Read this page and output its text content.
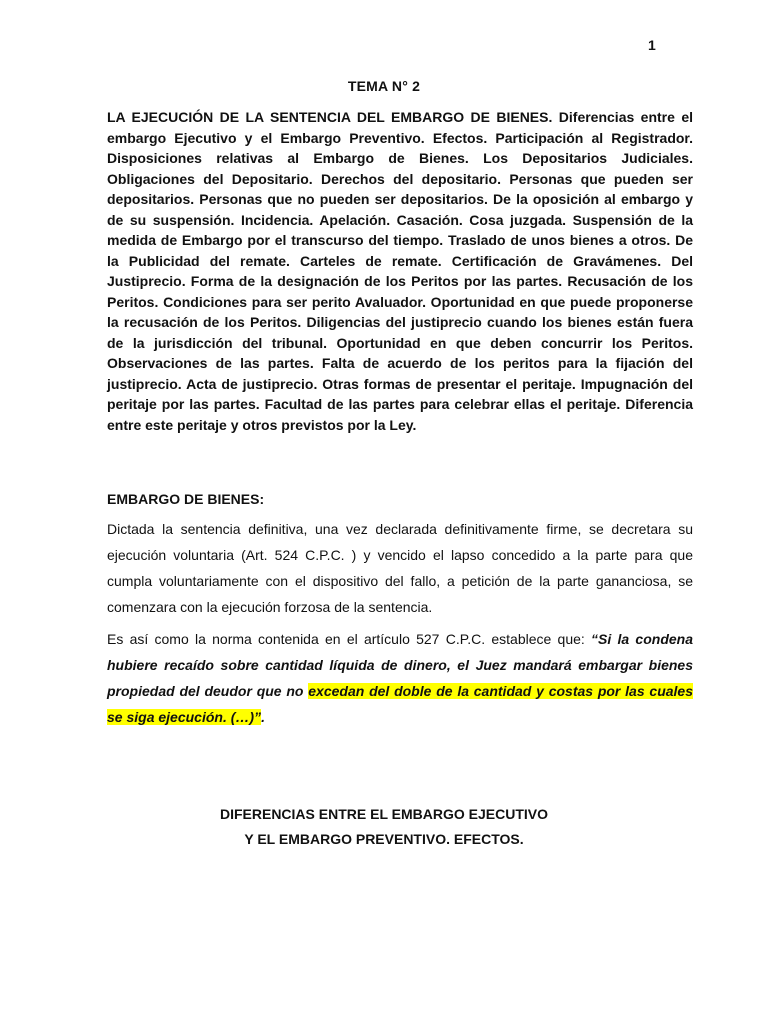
1
TEMA N° 2

LA EJECUCIÓN DE LA SENTENCIA DEL EMBARGO DE BIENES. Diferencias entre el embargo Ejecutivo y el Embargo Preventivo. Efectos. Participación al Registrador. Disposiciones relativas al Embargo de Bienes. Los Depositarios Judiciales. Obligaciones del Depositario. Derechos del depositario. Personas que pueden ser depositarios. Personas que no pueden ser depositarios. De la oposición al embargo y de su suspensión. Incidencia. Apelación. Casación. Cosa juzgada. Suspensión de la medida de Embargo por el transcurso del tiempo. Traslado de unos bienes a otros. De la Publicidad del remate. Carteles de remate. Certificación de Gravámenes. Del Justiprecio. Forma de la designación de los Peritos por las partes. Recusación de los Peritos. Condiciones para ser perito Avaluador. Oportunidad en que puede proponerse la recusación de los Peritos. Diligencias del justiprecio cuando los bienes están fuera de la jurisdicción del tribunal. Oportunidad en que deben concurrir los Peritos. Observaciones de las partes. Falta de acuerdo de los peritos para la fijación del justiprecio. Acta de justiprecio. Otras formas de presentar el peritaje. Impugnación del peritaje por las partes. Facultad de las partes para celebrar ellas el peritaje. Diferencia entre este peritaje y otros previstos por la Ley.

EMBARGO DE BIENES:

Dictada la sentencia definitiva, una vez declarada definitivamente firme, se decretara su ejecución voluntaria (Art. 524 C.P.C. ) y vencido el lapso concedido a la parte para que cumpla voluntariamente con el dispositivo del fallo, a petición de la parte gananciosa, se comenzara con la ejecución forzosa de la sentencia.

Es así como la norma contenida en el artículo 527 C.P.C. establece que: “Si la condena hubiere recaído sobre cantidad líquida de dinero, el Juez mandará embargar bienes propiedad del deudor que no excedan del doble de la cantidad y costas por las cuales se siga ejecución. (…)”.

DIFERENCIAS ENTRE EL EMBARGO EJECUTIVO
Y EL EMBARGO PREVENTIVO. EFECTOS.
